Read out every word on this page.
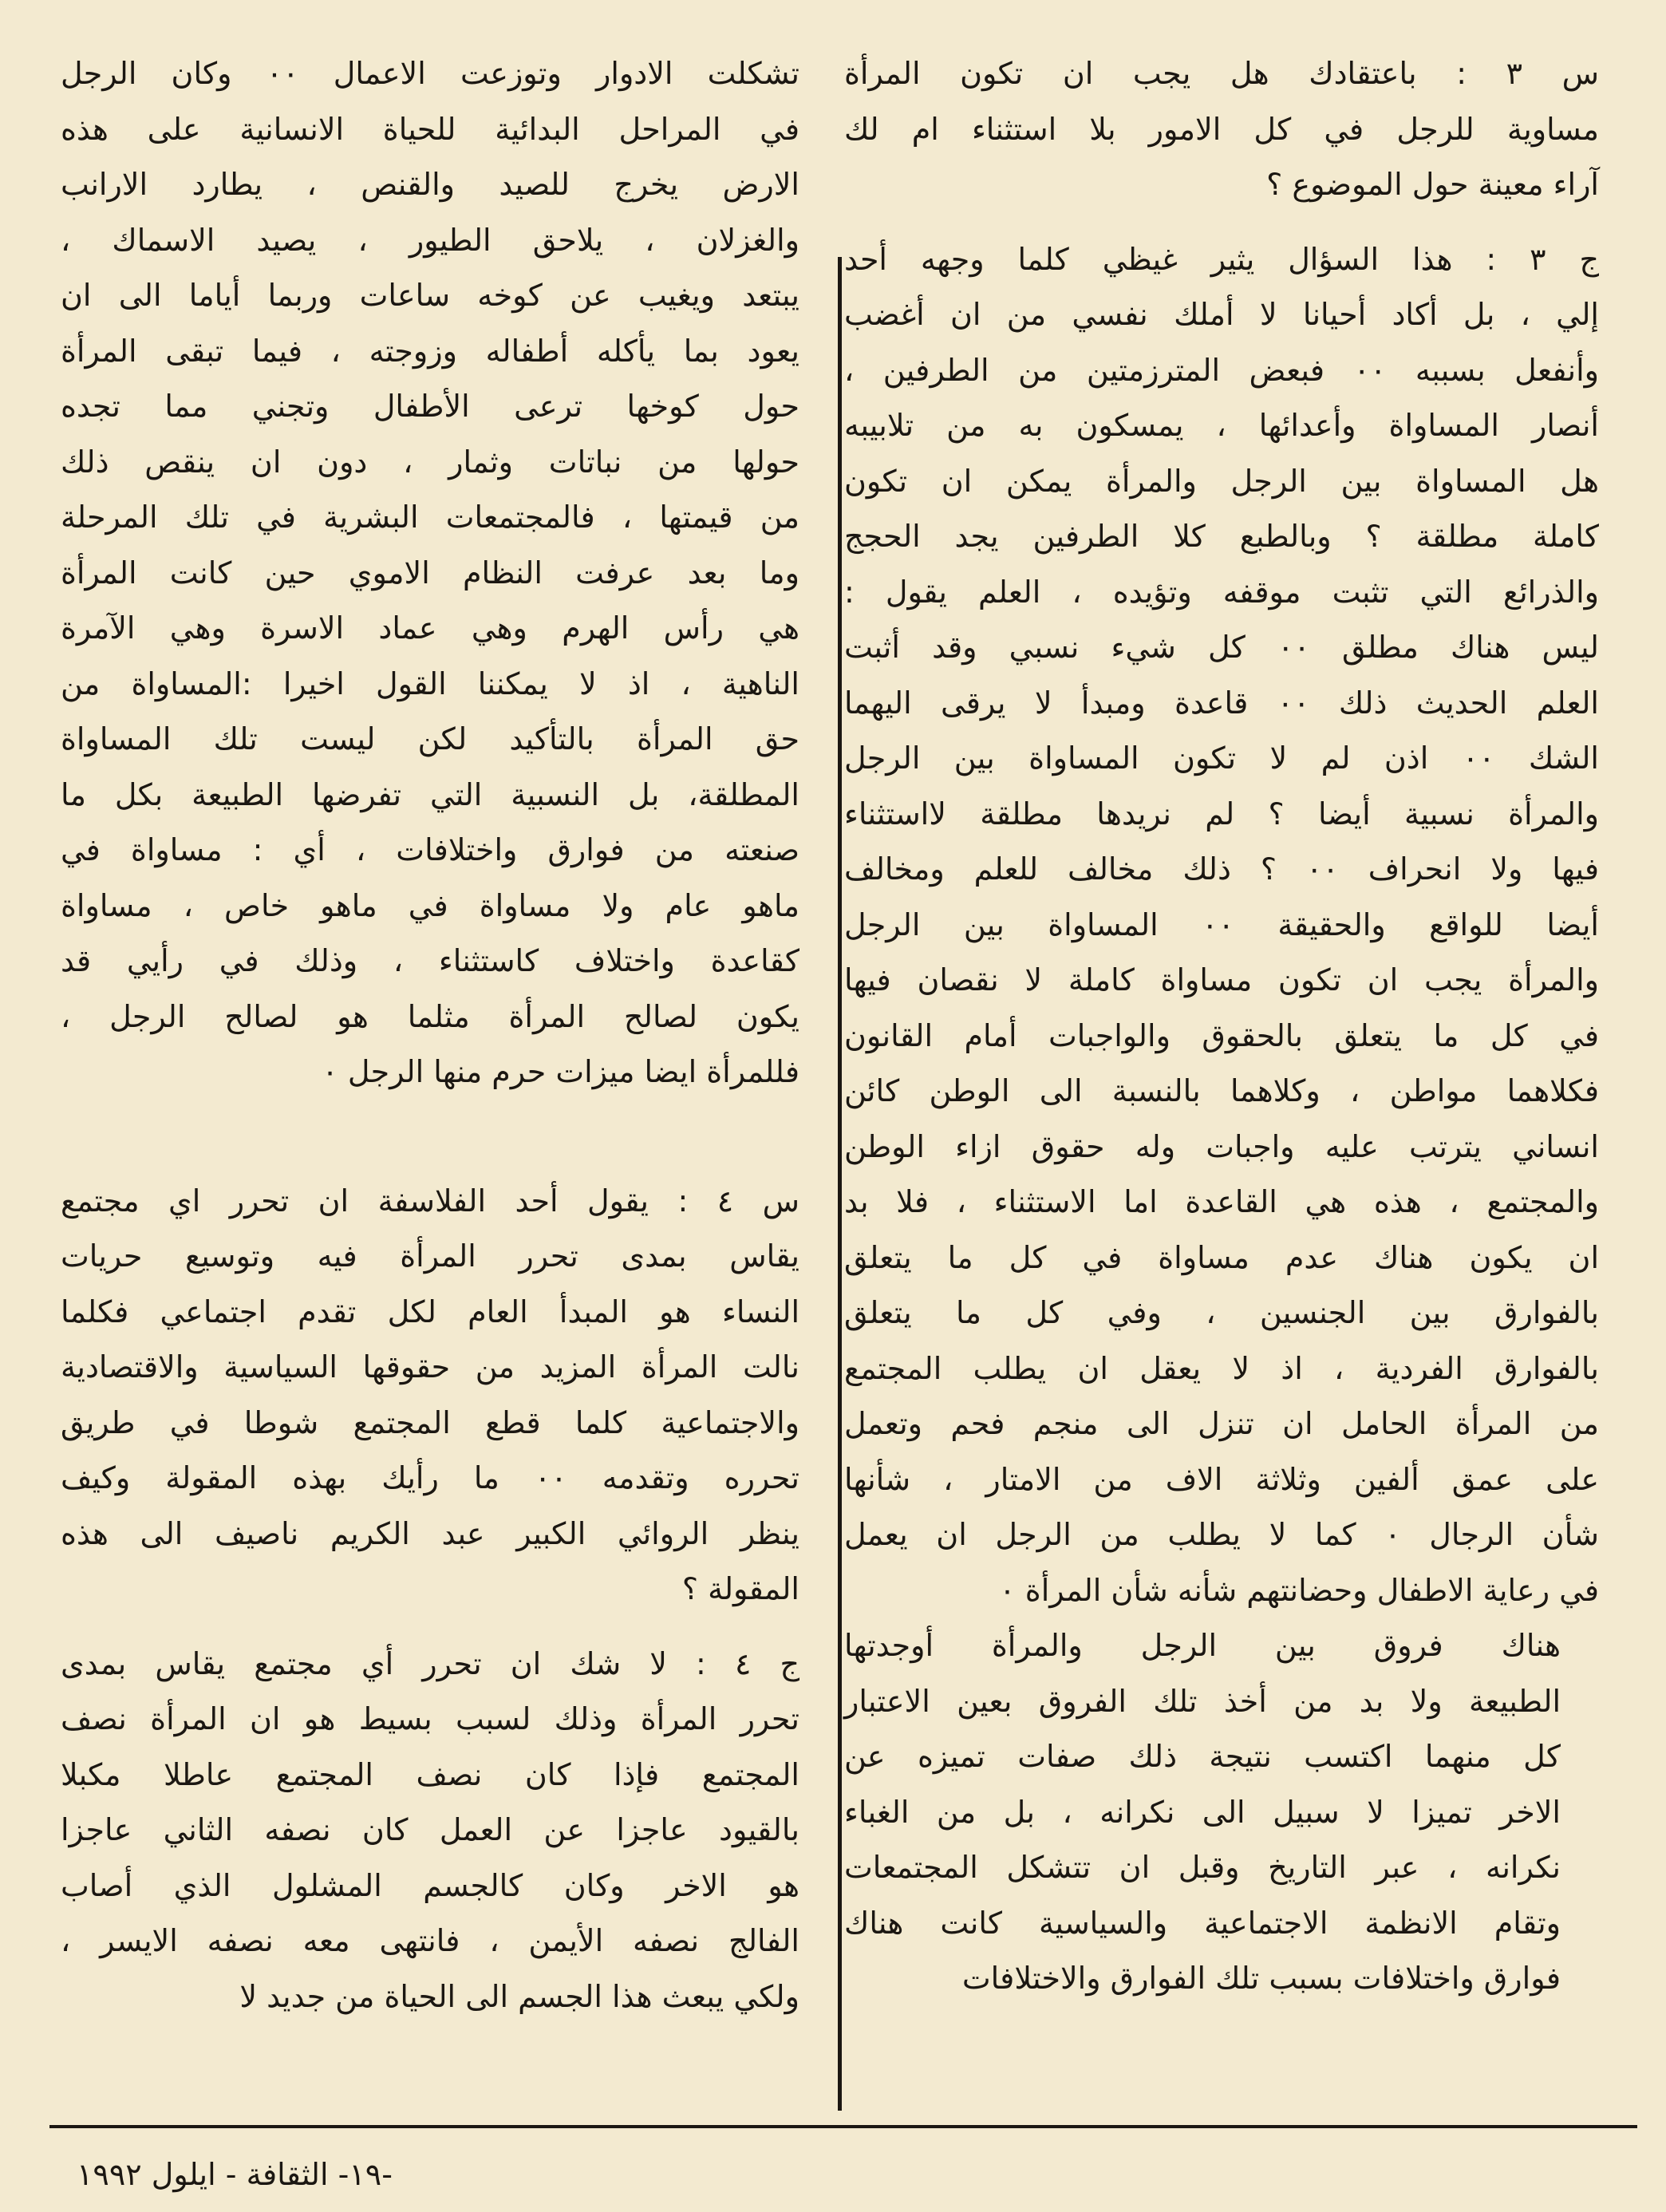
س ٣ : باعتقادك هل يجب ان تكون المرأة
مساوية للرجل في كل الامور بلا استثناء ام لك
آراء معينة حول الموضوع ؟

ج ٣ : هذا السؤال يثير غيظي كلما وجهه أحد
إلي ، بل أكاد أحيانا لا أملك نفسي من ان أغضب
وأنفعل بسببه ٠٠ فبعض المترزمتين من الطرفين ،
أنصار المساواة وأعدائها ، يمسكون به من تلابيبه
هل المساواة بين الرجل والمرأة يمكن ان تكون
كاملة مطلقة ؟ وبالطبع كلا الطرفين يجد الحجج
والذرائع التي تثبت موقفه وتؤيده ، العلم يقول :
ليس هناك مطلق ٠٠ كل شيء نسبي وقد أثبت
العلم الحديث ذلك ٠٠ قاعدة ومبدأ لا يرقى اليهما
الشك ٠٠ اذن لم لا تكون المساواة بين الرجل
والمرأة نسبية أيضا ؟ لم نريدها مطلقة لااستثناء
فيها ولا انحراف ٠٠ ؟ ذلك مخالف للعلم ومخالف
أيضا للواقع والحقيقة ٠٠ المساواة بين الرجل
والمرأة يجب ان تكون مساواة كاملة لا نقصان فيها
في كل ما يتعلق بالحقوق والواجبات أمام القانون
فكلاهما مواطن ، وكلاهما بالنسبة الى الوطن كائن
انساني يترتب عليه واجبات وله حقوق ازاء الوطن
والمجتمع ، هذه هي القاعدة اما الاستثناء ، فلا بد
ان يكون هناك عدم مساواة في كل ما يتعلق
بالفوارق بين الجنسين ، وفي كل ما يتعلق
بالفوارق الفردية ، اذ لا يعقل ان يطلب المجتمع
من المرأة الحامل ان تنزل الى منجم فحم وتعمل
على عمق ألفين وثلاثة الاف من الامتار ، شأنها
شأن الرجال ٠ كما لا يطلب من الرجل ان يعمل
في رعاية الاطفال وحضانتهم شأنه شأن المرأة ٠

هناك فروق بين الرجل والمرأة أوجدتها
الطبيعة ولا بد من أخذ تلك الفروق بعين الاعتبار
كل منهما اكتسب نتيجة ذلك صفات تميزه عن
الاخر تميزا لا سبيل الى نكرانه ، بل من الغباء
نكرانه ، عبر التاريخ وقبل ان تتشكل المجتمعات
وتقام الانظمة الاجتماعية والسياسية كانت هناك
فوارق واختلافات بسبب تلك الفوارق والاختلافات

تشكلت الادوار وتوزعت الاعمال ٠٠ وكان الرجل
في المراحل البدائية للحياة الانسانية على هذه
الارض يخرج للصيد والقنص ، يطارد الارانب
والغزلان ، يلاحق الطيور ، يصيد الاسماك ،
يبتعد ويغيب عن كوخه ساعات وربما أياما الى ان
يعود بما يأكله أطفاله وزوجته ، فيما تبقى المرأة
حول كوخها ترعى الأطفال وتجني مما تجده
حولها من نباتات وثمار ، دون ان ينقص ذلك
من قيمتها ، فالمجتمعات البشرية في تلك المرحلة
وما بعد عرفت النظام الاموي حين كانت المرأة
هي رأس الهرم وهي عماد الاسرة وهي الآمرة
الناهية ، اذ لا يمكننا القول اخيرا :المساواة من
حق المرأة بالتأكيد لكن ليست تلك المساواة
المطلقة، بل النسبية التي تفرضها الطبيعة بكل ما
صنعته من فوارق واختلافات ، أي : مساواة في
ماهو عام ولا مساواة في ماهو خاص ، مساواة
كقاعدة واختلاف كاستثناء ، وذلك في رأيي قد
يكون لصالح المرأة مثلما هو لصالح الرجل ،
فللمرأة ايضا ميزات حرم منها الرجل ٠

س ٤ : يقول أحد الفلاسفة ان تحرر اي مجتمع
يقاس بمدى تحرر المرأة فيه وتوسيع حريات
النساء هو المبدأ العام لكل تقدم اجتماعي فكلما
نالت المرأة المزيد من حقوقها السياسية والاقتصادية
والاجتماعية كلما قطع المجتمع شوطا في طريق
تحرره وتقدمه ٠٠ ما رأيك بهذه المقولة وكيف
ينظر الروائي الكبير عبد الكريم ناصيف الى هذه
المقولة ؟

ج ٤ : لا شك ان تحرر أي مجتمع يقاس بمدى
تحرر المرأة وذلك لسبب بسيط هو ان المرأة نصف
المجتمع فإذا كان نصف المجتمع عاطلا مكبلا
بالقيود عاجزا عن العمل كان نصفه الثاني عاجزا
هو الاخر وكان كالجسم المشلول الذي أصاب
الفالج نصفه الأيمن ، فانتهى معه نصفه الايسر ،
ولكي يبعث هذا الجسم الى الحياة من جديد لا

-١٩- الثقافة - ايلول ١٩٩٢
